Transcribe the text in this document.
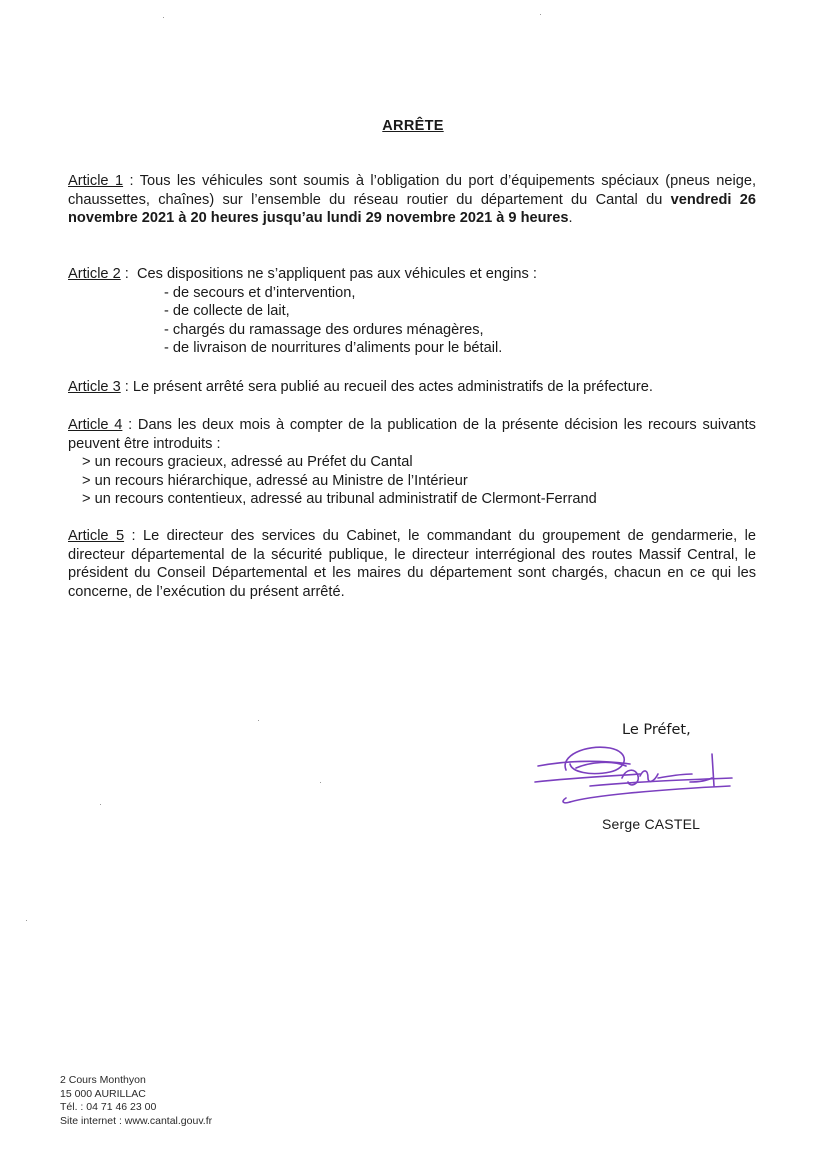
ARRÊTE
Article 1 : Tous les véhicules sont soumis à l’obligation du port d’équipements spéciaux (pneus neige, chaussettes, chaînes) sur l’ensemble du réseau routier du département du Cantal du vendredi 26 novembre 2021 à 20 heures jusqu’au lundi 29 novembre 2021 à 9 heures.
Article 2 :  Ces dispositions ne s’appliquent pas aux véhicules et engins :
- de secours et d’intervention,
- de collecte de lait,
- chargés du ramassage des ordures ménagères,
- de livraison de nourritures d’aliments pour le bétail.
Article 3 : Le présent arrêté sera publié au recueil des actes administratifs de la préfecture.
Article 4 : Dans les deux mois à compter de la publication de la présente décision les recours suivants peuvent être introduits :
> un recours gracieux, adressé au Préfet du Cantal
> un recours hiérarchique, adressé au Ministre de l’Intérieur
> un recours contentieux, adressé au tribunal administratif de Clermont-Ferrand
Article 5 : Le directeur des services du Cabinet, le commandant du groupement de gendarmerie, le directeur départemental de la sécurité publique, le directeur interrégional des routes Massif Central, le président du Conseil Départemental et les maires du département sont chargés, chacun en ce qui les concerne, de l’exécution du présent arrêté.
Le Préfet,
Serge CASTEL
2 Cours Monthyon
15 000 AURILLAC
Tél. : 04 71 46 23 00
Site internet : www.cantal.gouv.fr
